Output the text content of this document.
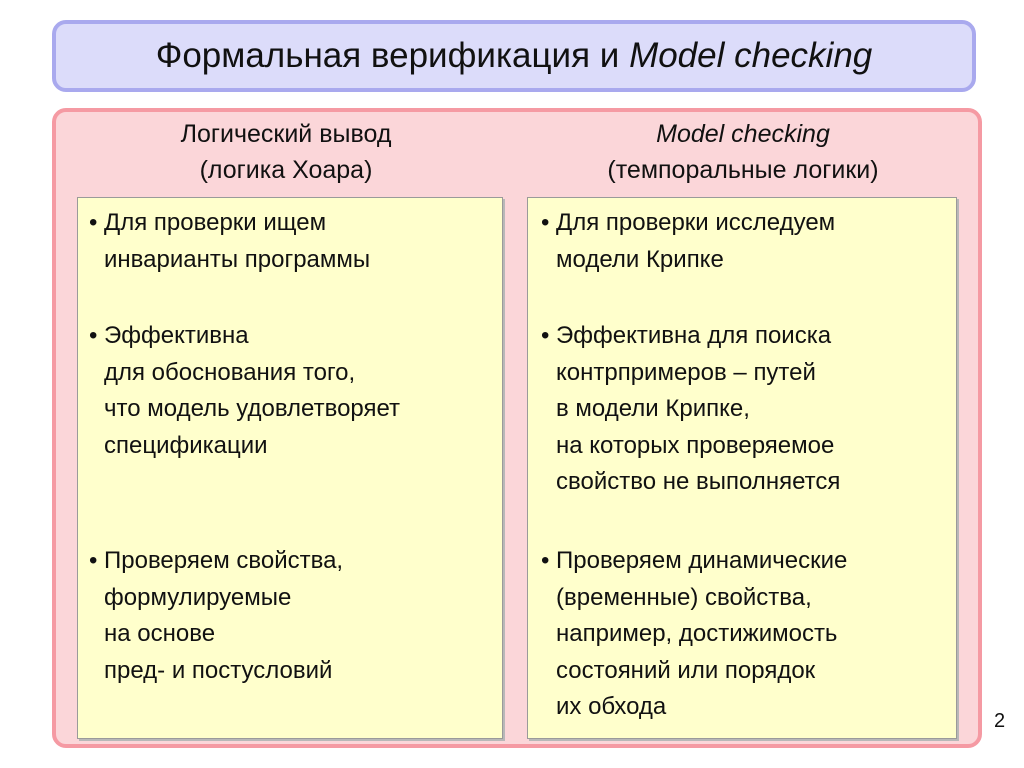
Формальная верификация и Model checking
Логический вывод
(логика Хоара)
Model checking
(темпоральные логики)
• Для проверки ищем
инварианты программы
• Эффективна
для обоснования того,
что модель удовлетворяет
спецификации
• Проверяем свойства,
формулируемые
на основе
пред- и постусловий
• Для проверки исследуем
модели Крипке
• Эффективна для поиска
контрпримеров – путей
в модели Крипке,
на которых проверяемое
свойство не выполняется
• Проверяем динамические
(временные) свойства,
например, достижимость
состояний или порядок
их обхода
2
